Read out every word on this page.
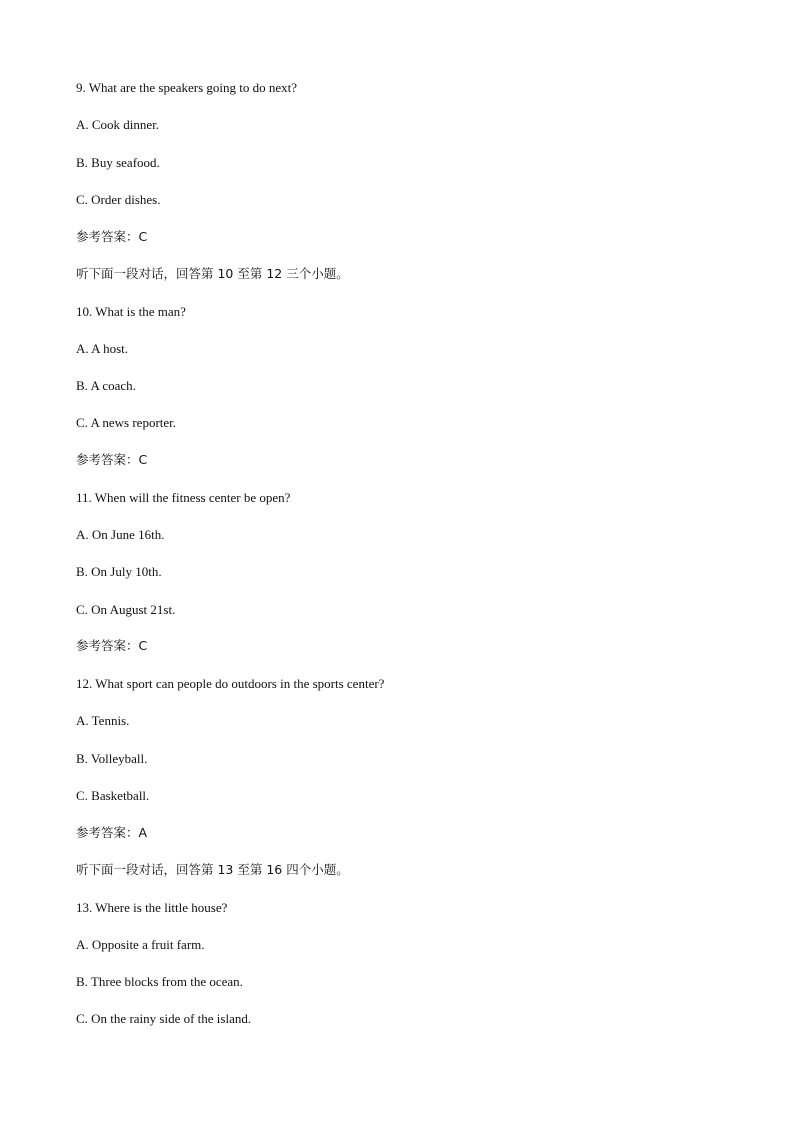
9. What are the speakers going to do next?
A. Cook dinner.
B. Buy seafood.
C. Order dishes.
参考答案：C
听下面一段对话，回答第 10 至第 12 三个小题。
10. What is the man?
A. A host.
B. A coach.
C. A news reporter.
参考答案：C
11. When will the fitness center be open?
A. On June 16th.
B. On July 10th.
C. On August 21st.
参考答案：C
12. What sport can people do outdoors in the sports center?
A. Tennis.
B. Volleyball.
C. Basketball.
参考答案：A
听下面一段对话，回答第 13 至第 16 四个小题。
13. Where is the little house?
A. Opposite a fruit farm.
B. Three blocks from the ocean.
C. On the rainy side of the island.
